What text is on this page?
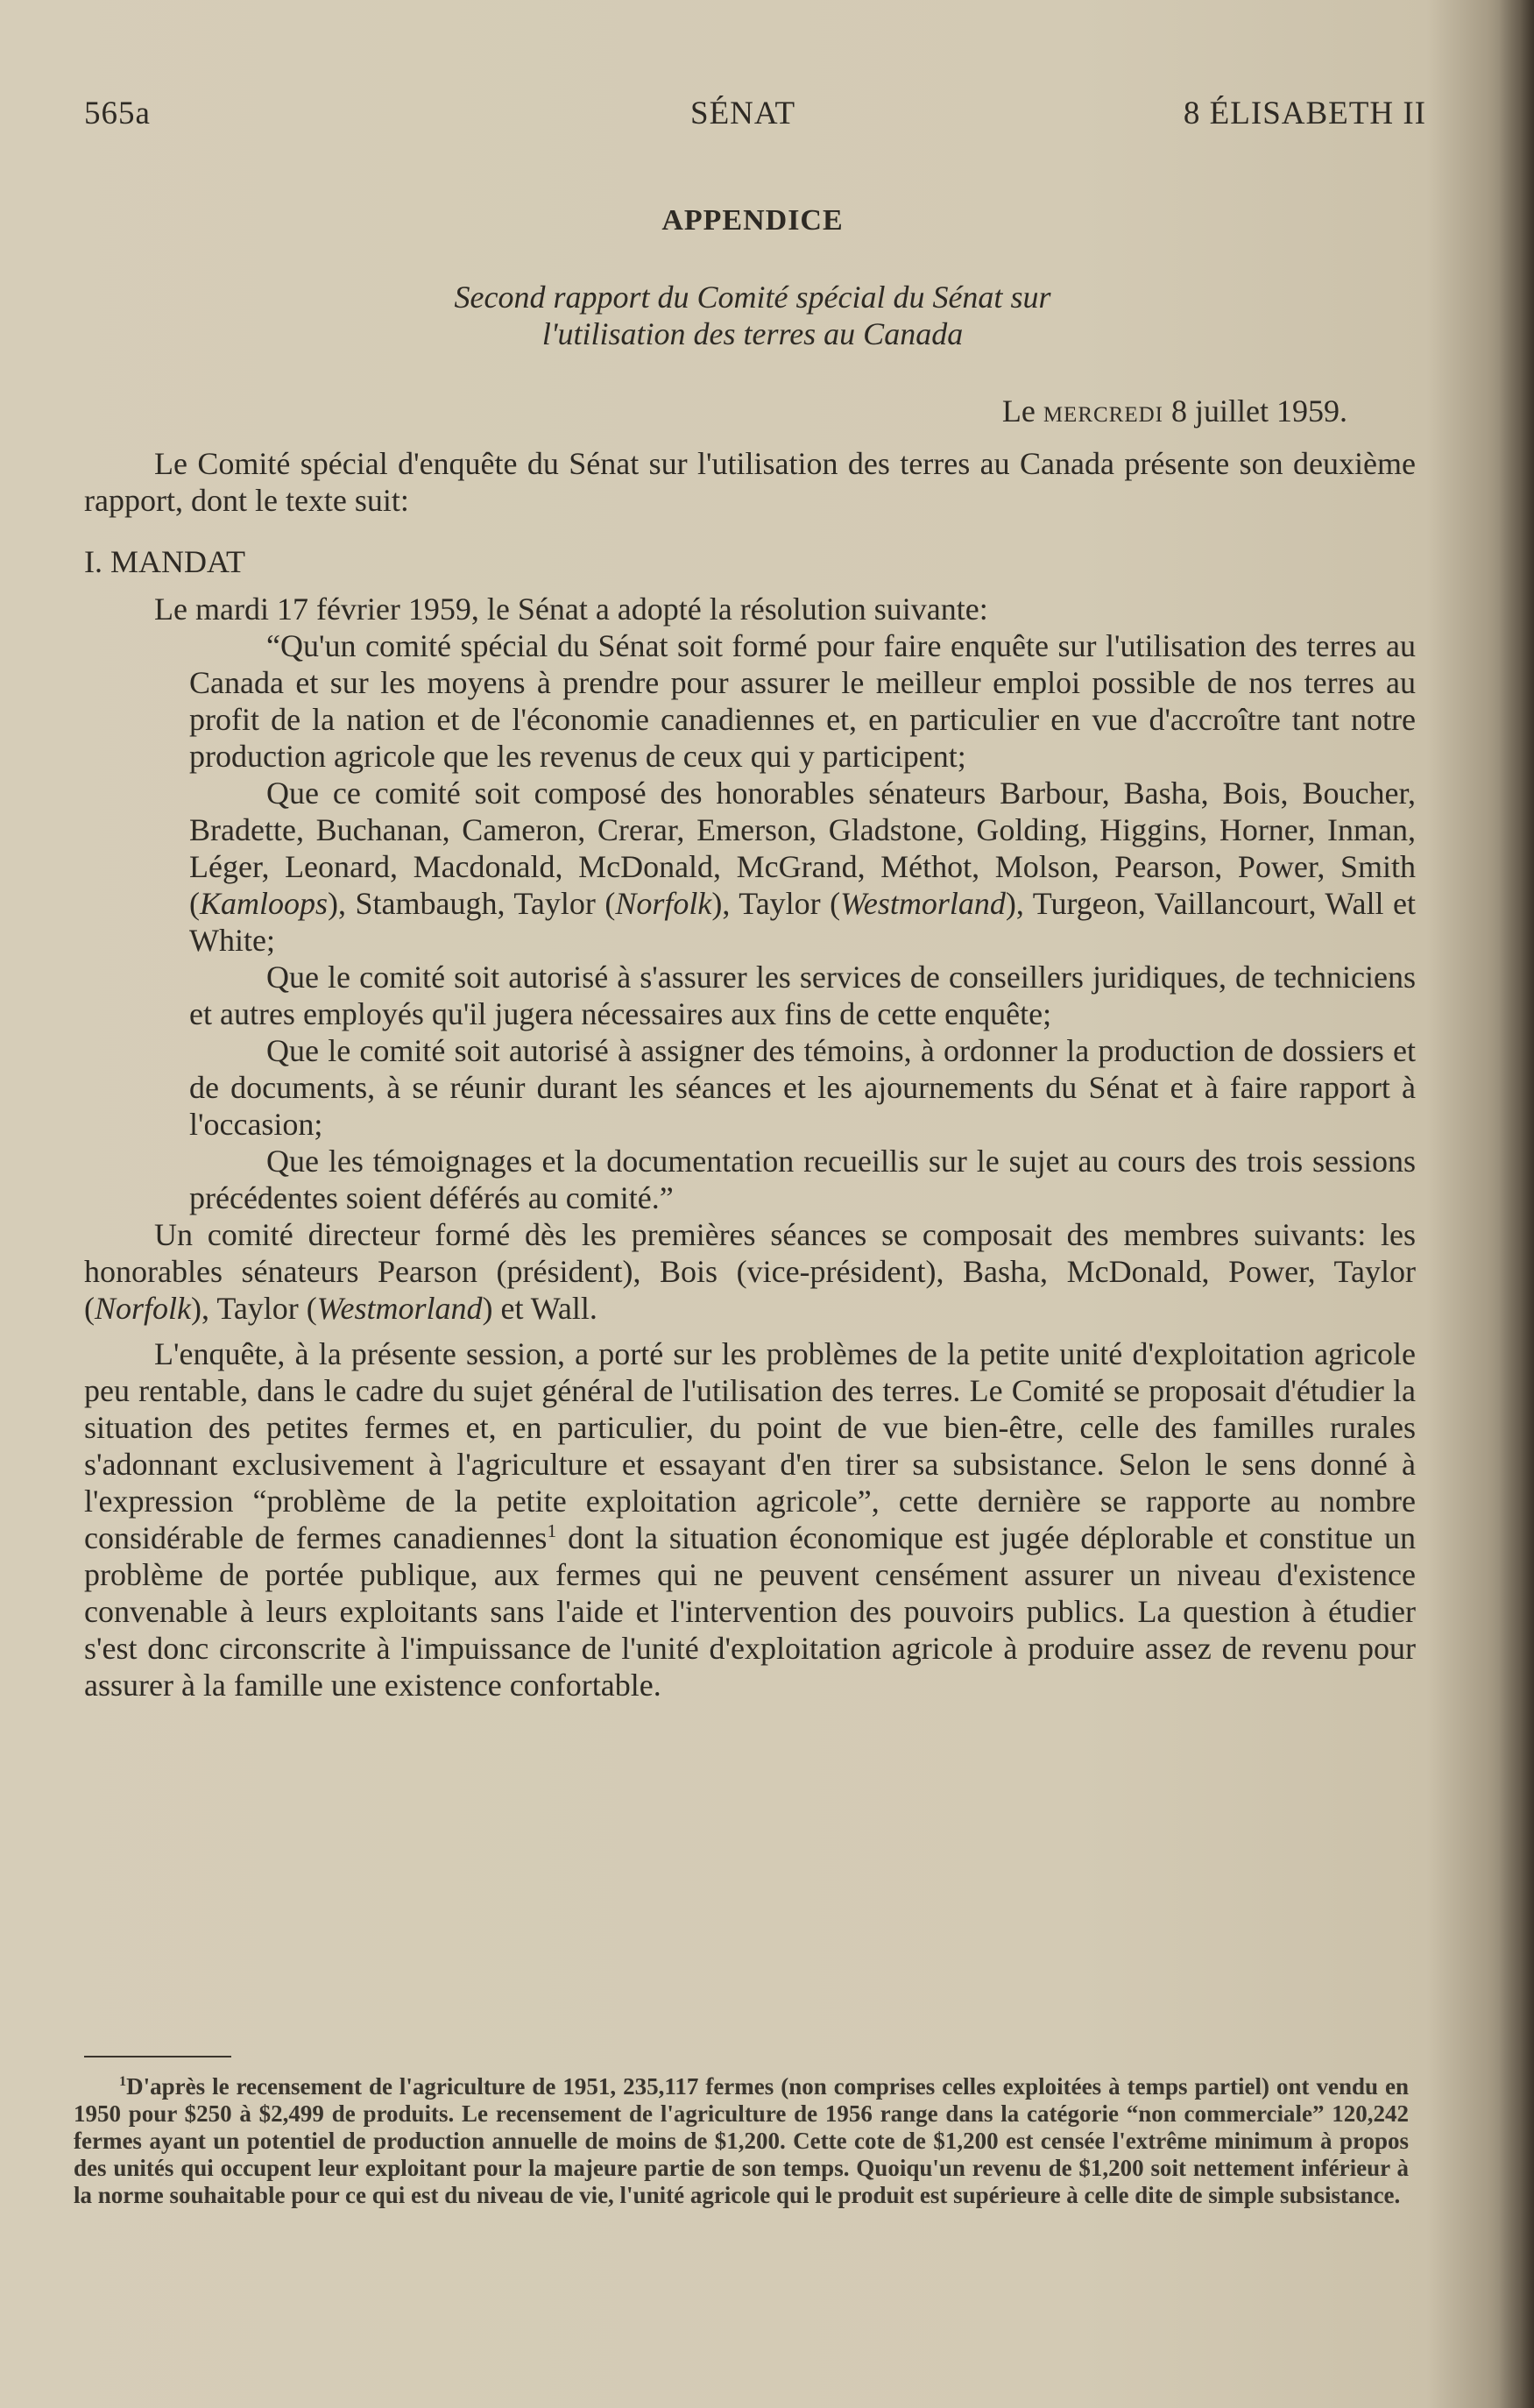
565a	SÉNAT	8 ÉLISABETH II
APPENDICE
Second rapport du Comité spécial du Sénat sur
l'utilisation des terres au Canada
Le mercredi 8 juillet 1959.

Le Comité spécial d'enquête du Sénat sur l'utilisation des terres au Canada présente son deuxième rapport, dont le texte suit:

I. MANDAT

Le mardi 17 février 1959, le Sénat a adopté la résolution suivante:

“Qu'un comité spécial du Sénat soit formé pour faire enquête sur l'utilisation des terres au Canada et sur les moyens à prendre pour assurer le meilleur emploi possible de nos terres au profit de la nation et de l'économie canadiennes et, en particulier en vue d'accroître tant notre production agricole que les revenus de ceux qui y participent;

Que ce comité soit composé des honorables sénateurs Barbour, Basha, Bois, Boucher, Bradette, Buchanan, Cameron, Crerar, Emerson, Gladstone, Golding, Higgins, Horner, Inman, Léger, Leonard, Macdonald, McDonald, McGrand, Méthot, Molson, Pearson, Power, Smith (Kamloops), Stambaugh, Taylor (Norfolk), Taylor (Westmorland), Turgeon, Vaillancourt, Wall et White;

Que le comité soit autorisé à s'assurer les services de conseillers juridiques, de techniciens et autres employés qu'il jugera nécessaires aux fins de cette enquête;

Que le comité soit autorisé à assigner des témoins, à ordonner la production de dossiers et de documents, à se réunir durant les séances et les ajournements du Sénat et à faire rapport à l'occasion;

Que les témoignages et la documentation recueillis sur le sujet au cours des trois sessions précédentes soient déférés au comité.”

Un comité directeur formé dès les premières séances se composait des membres suivants: les honorables sénateurs Pearson (président), Bois (vice-président), Basha, McDonald, Power, Taylor (Norfolk), Taylor (Westmorland) et Wall.

L'enquête, à la présente session, a porté sur les problèmes de la petite unité d'exploitation agricole peu rentable, dans le cadre du sujet général de l'utilisation des terres. Le Comité se proposait d'étudier la situation des petites fermes et, en particulier, du point de vue bien-être, celle des familles rurales s'adonnant exclusivement à l'agriculture et essayant d'en tirer sa subsistance. Selon le sens donné à l'expression “problème de la petite exploitation agricole”, cette dernière se rapporte au nombre considérable de fermes canadiennes$^1$ dont la situation économique est jugée déplorable et constitue un problème de portée publique, aux fermes qui ne peuvent censément assurer un niveau d'existence convenable à leurs exploitants sans l'aide et l'intervention des pouvoirs publics. La question à étudier s'est donc circonscrite à l'impuissance de l'unité d'exploitation agricole à produire assez de revenu pour assurer à la famille une existence confortable.

$^1$D'après le recensement de l'agriculture de 1951, 235,117 fermes (non comprises celles exploitées à temps partiel) ont vendu en 1950 pour $250 à $2,499 de produits. Le recensement de l'agriculture de 1956 range dans la catégorie “non commerciale” 120,242 fermes ayant un potentiel de production annuelle de moins de $1,200. Cette cote de $1,200 est censée l'extrême minimum à propos des unités qui occupent leur exploitant pour la majeure partie de son temps. Quoiqu'un revenu de $1,200 soit nettement inférieur à la norme souhaitable pour ce qui est du niveau de vie, l'unité agricole qui le produit est supérieure à celle dite de simple subsistance.
